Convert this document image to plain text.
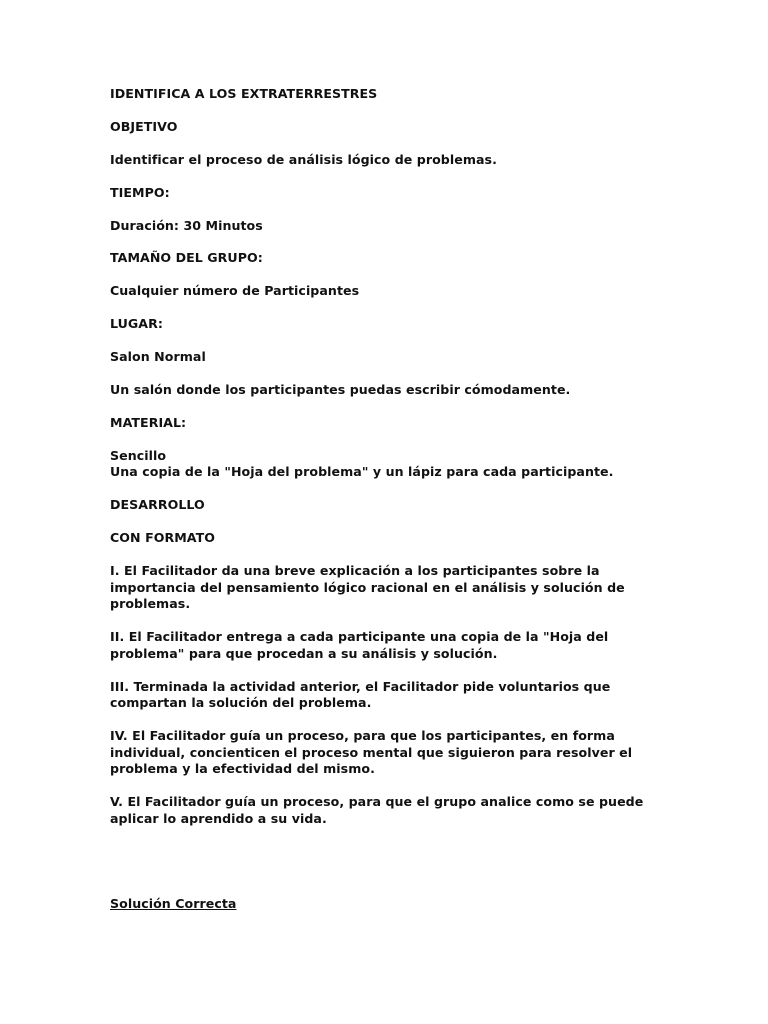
IDENTIFICA A LOS EXTRATERRESTRES

OBJETIVO

Identificar el proceso de análisis lógico de problemas.

TIEMPO:

Duración: 30 Minutos

TAMAÑO DEL GRUPO:

Cualquier número de Participantes

LUGAR:

Salon Normal

Un salón donde los participantes puedas escribir cómodamente.

MATERIAL:

Sencillo

Una copia de la "Hoja del problema" y un lápiz para cada participante.

DESARROLLO

CON FORMATO

I. El Facilitador da una breve explicación a los participantes sobre la importancia del pensamiento lógico racional en el análisis y solución de problemas.

II. El Facilitador entrega a cada participante una copia de la "Hoja del problema" para que procedan a su análisis y solución.

III. Terminada la actividad anterior, el Facilitador pide voluntarios que compartan la solución del problema.

IV. El Facilitador guía un proceso, para que los participantes, en forma individual, concienticen el proceso mental que siguieron para resolver el problema y la efectividad del mismo.

V. El Facilitador guía un proceso, para que el grupo analice como se puede aplicar lo aprendido a su vida.

Solución Correcta
